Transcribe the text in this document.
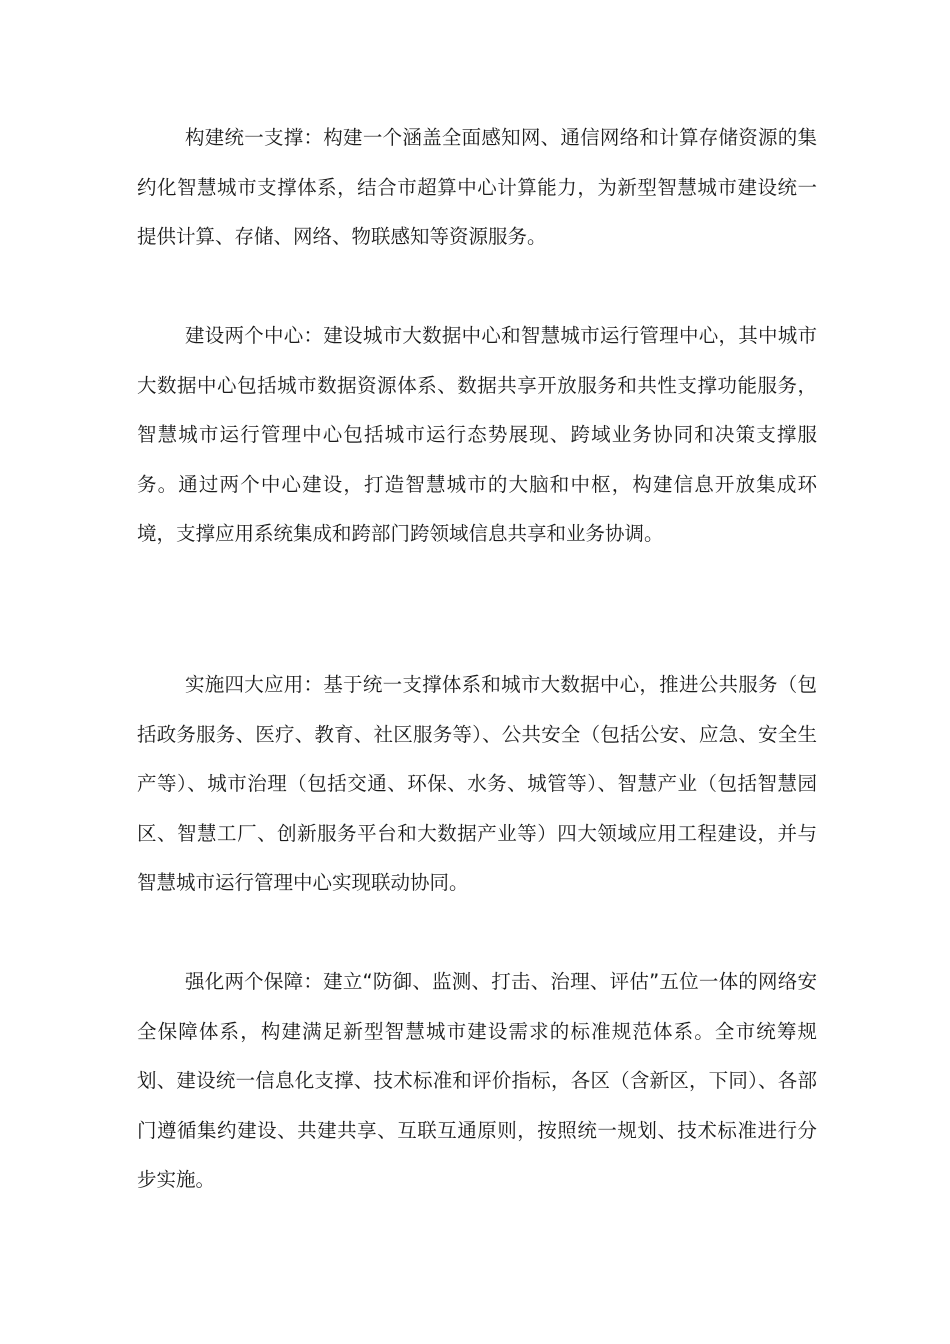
构建统一支撑：构建一个涵盖全面感知网、通信网络和计算存储资源的集约化智慧城市支撑体系，结合市超算中心计算能力，为新型智慧城市建设统一提供计算、存储、网络、物联感知等资源服务。

建设两个中心：建设城市大数据中心和智慧城市运行管理中心，其中城市大数据中心包括城市数据资源体系、数据共享开放服务和共性支撑功能服务，智慧城市运行管理中心包括城市运行态势展现、跨域业务协同和决策支撑服务。通过两个中心建设，打造智慧城市的大脑和中枢，构建信息开放集成环境，支撑应用系统集成和跨部门跨领域信息共享和业务协调。

实施四大应用：基于统一支撑体系和城市大数据中心，推进公共服务（包括政务服务、医疗、教育、社区服务等）、公共安全（包括公安、应急、安全生产等）、城市治理（包括交通、环保、水务、城管等）、智慧产业（包括智慧园区、智慧工厂、创新服务平台和大数据产业等）四大领域应用工程建设，并与智慧城市运行管理中心实现联动协同。

强化两个保障：建立“防御、监测、打击、治理、评估”五位一体的网络安全保障体系，构建满足新型智慧城市建设需求的标准规范体系。全市统筹规划、建设统一信息化支撑、技术标准和评价指标，各区（含新区，下同）、各部门遵循集约建设、共建共享、互联互通原则，按照统一规划、技术标准进行分步实施。
